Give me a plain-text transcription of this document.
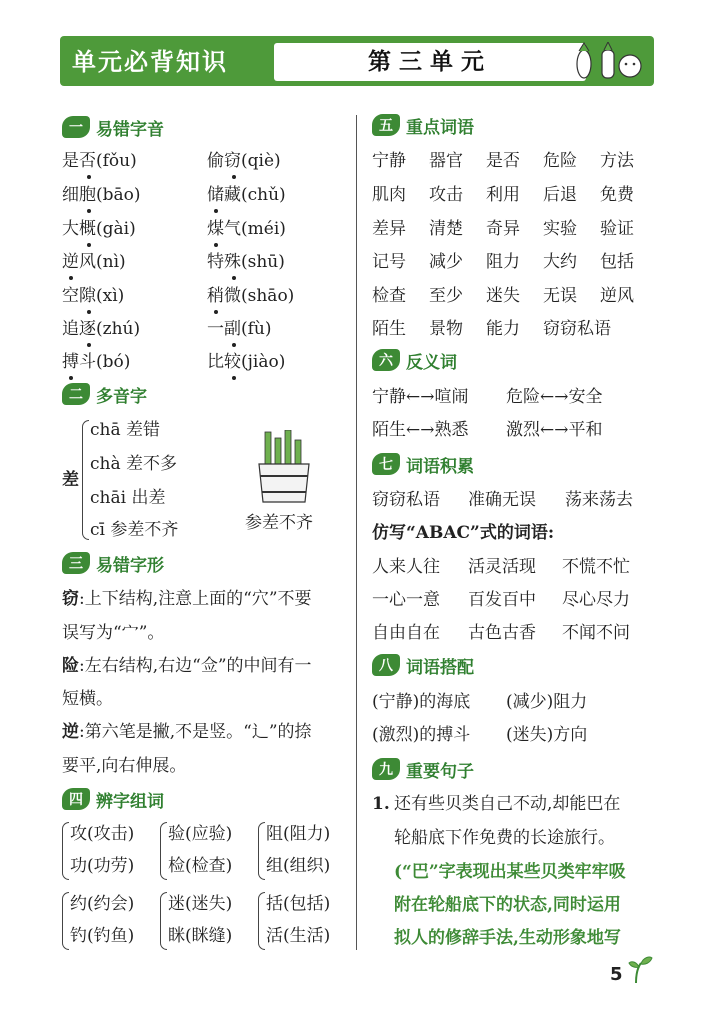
单元必背知识	第三单元
一 易错字音
是否(fǒu)
细胞(bāo)
大概(gài)
逆风(nì)
空隙(xì)
追逐(zhú)
搏斗(bó)
偷窃(qiè)
储藏(chǔ)
煤气(méi)
特殊(shū)
稍微(shāo)
一副(fù)
比较(jiào)
二 多音字
差
chā 差错
chà 差不多
chāi 出差
cī 参差不齐	参差不齐
三 易错字形
窃:上下结构,注意上面的“穴”不要
误写为“宀”。
险:左右结构,右边“佥”的中间有一
短横。
逆:第六笔是撇,不是竖。“辶”的捺
要平,向右伸展。
四 辨字组词
攻(攻击)
功(功劳)
验(应验)
检(检查)
阻(阻力)
组(组织)
约(约会)
钓(钓鱼)
迷(迷失)
眯(眯缝)
括(包括)
活(生活)
五 重点词语
宁静 器官 是否 危险 方法
肌肉 攻击 利用 后退 免费
差异 清楚 奇异 实验 验证
记号 减少 阻力 大约 包括
检查 至少 迷失 无误 逆风
陌生 景物 能力 窃窃私语
六 反义词
宁静←→喧闹 危险←→安全
陌生←→熟悉 激烈←→平和
七 词语积累
窃窃私语 准确无误 荡来荡去
仿写“ABAC”式的词语:
人来人往 活灵活现 不慌不忙
一心一意 百发百中 尽心尽力
自由自在 古色古香 不闻不问
八 词语搭配
(宁静)的海底 (减少)阻力
(激烈)的搏斗 (迷失)方向
九 重要句子
1. 还有些贝类自己不动,却能巴在
轮船底下作免费的长途旅行。
(“巴”字表现出某些贝类牢牢吸
附在轮船底下的状态,同时运用
拟人的修辞手法,生动形象地写
5
